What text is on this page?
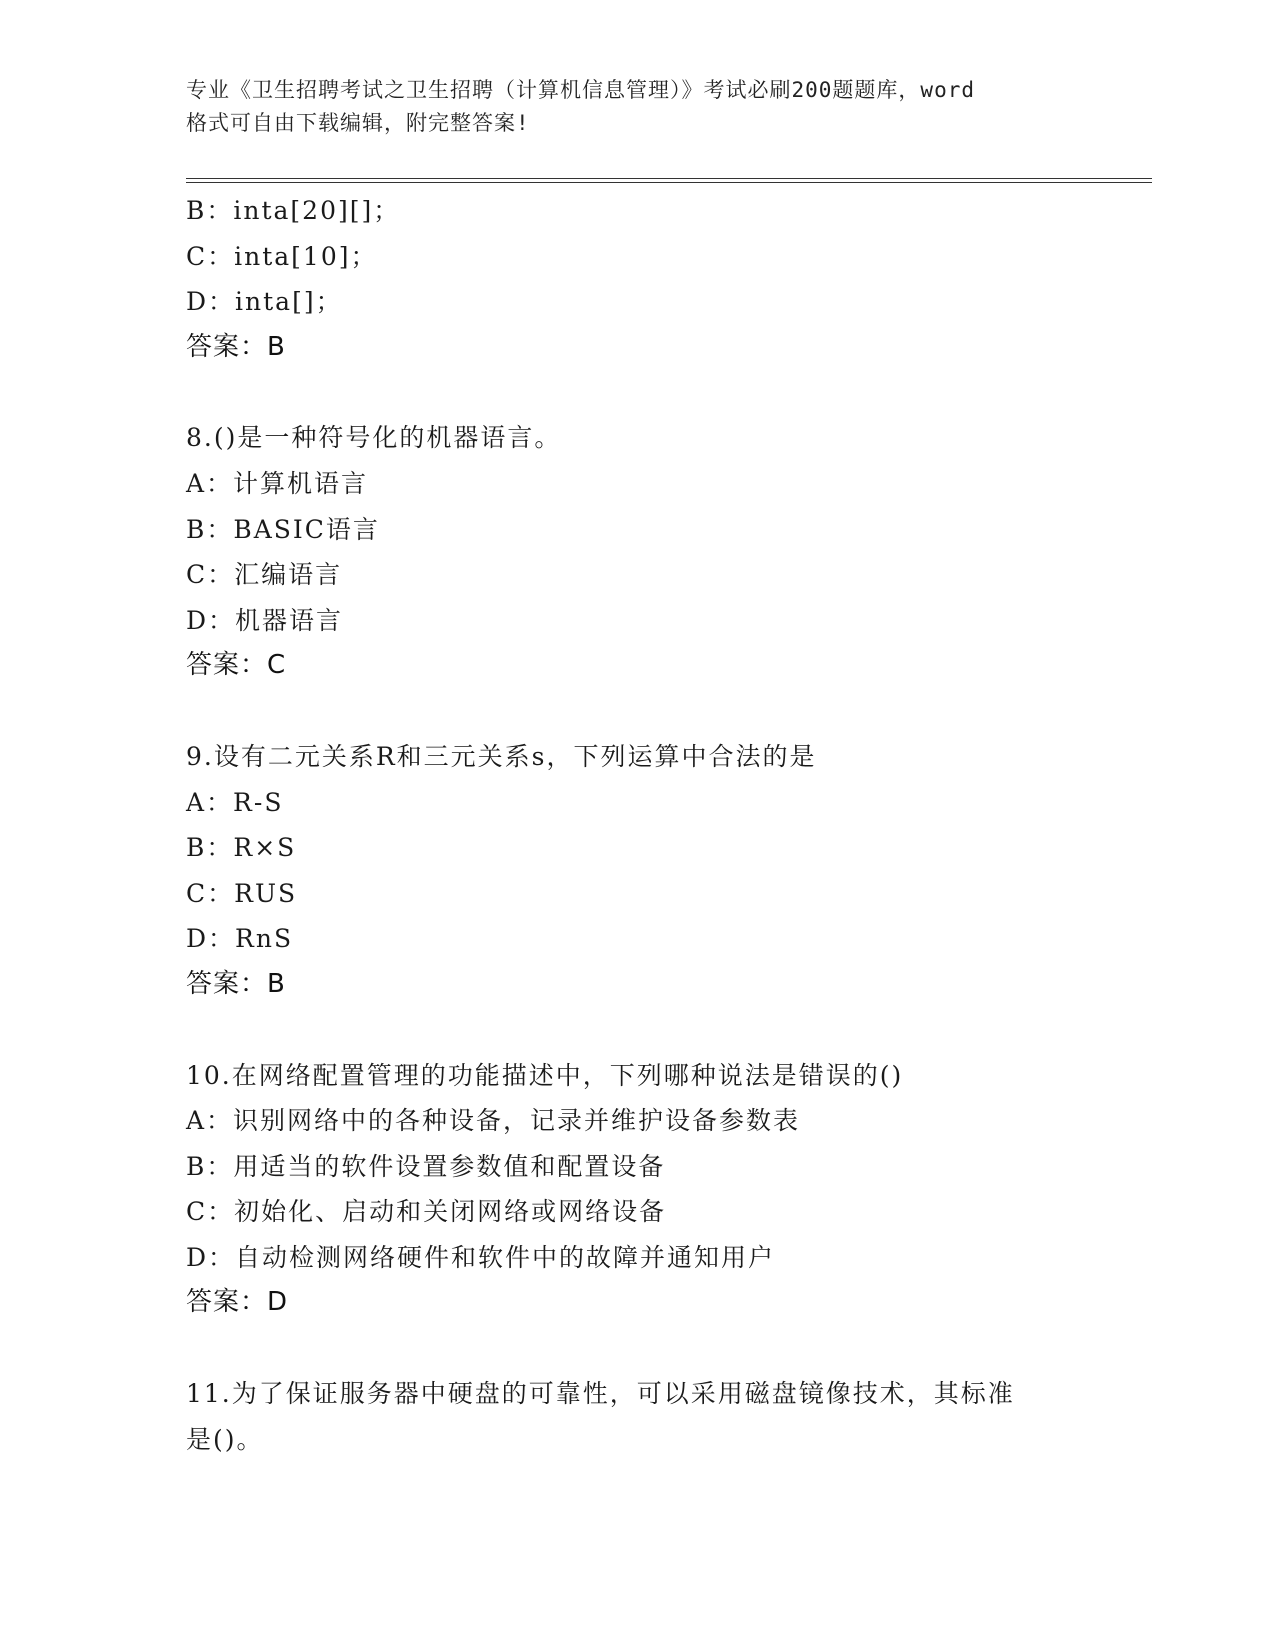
专业《卫生招聘考试之卫生招聘（计算机信息管理）》考试必刷200题题库，word
格式可自由下载编辑，附完整答案!
B：inta[20][]；
C：inta[10]；
D：inta[]；
答案：B
8.()是一种符号化的机器语言。
A：计算机语言
B：BASIC语言
C：汇编语言
D：机器语言
答案：C
9.设有二元关系R和三元关系s，下列运算中合法的是
A：R-S
B：R×S
C：RUS
D：RnS
答案：B
10.在网络配置管理的功能描述中，下列哪种说法是错误的()
A：识别网络中的各种设备，记录并维护设备参数表
B：用适当的软件设置参数值和配置设备
C：初始化、启动和关闭网络或网络设备
D：自动检测网络硬件和软件中的故障并通知用户
答案：D
11.为了保证服务器中硬盘的可靠性，可以采用磁盘镜像技术，其标准
是()。
